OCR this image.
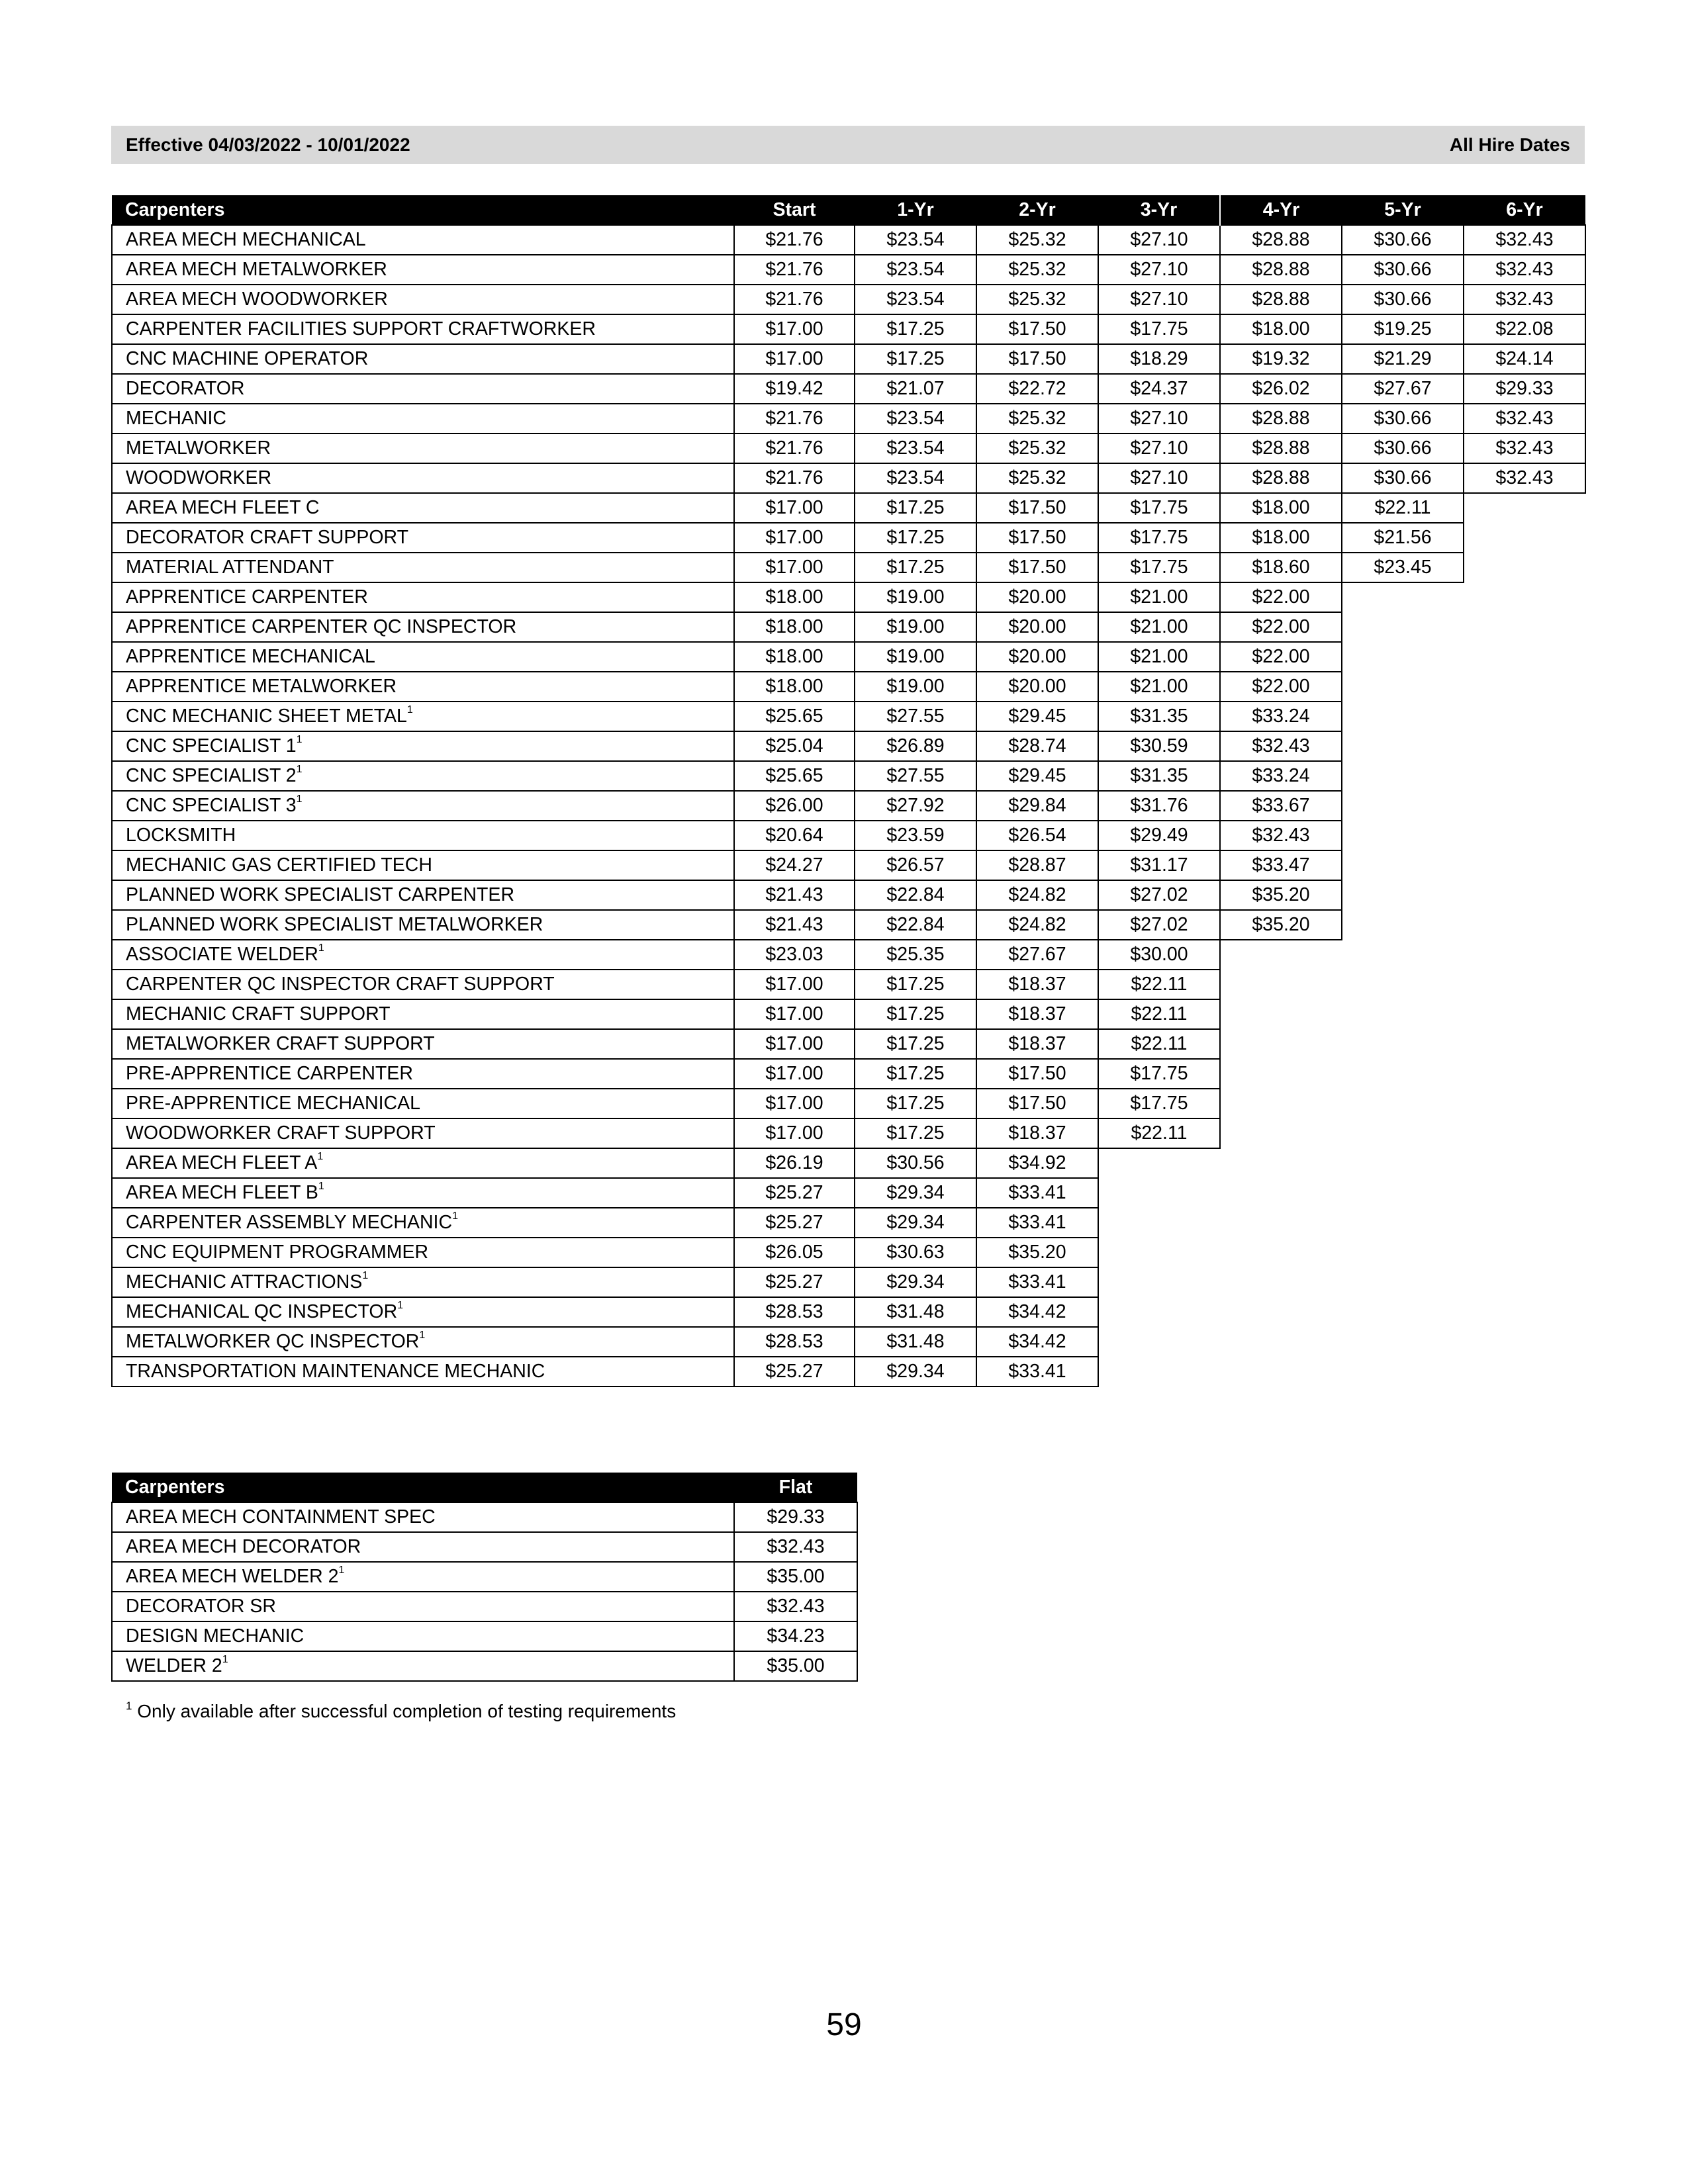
Effective 04/03/2022 - 10/01/2022	All Hire Dates
Carpenters	Start	1-Yr	2-Yr	3-Yr	4-Yr	5-Yr	6-Yr
AREA MECH MECHANICAL	$21.76	$23.54	$25.32	$27.10	$28.88	$30.66	$32.43
AREA MECH METALWORKER	$21.76	$23.54	$25.32	$27.10	$28.88	$30.66	$32.43
AREA MECH WOODWORKER	$21.76	$23.54	$25.32	$27.10	$28.88	$30.66	$32.43
CARPENTER FACILITIES SUPPORT CRAFTWORKER	$17.00	$17.25	$17.50	$17.75	$18.00	$19.25	$22.08
CNC MACHINE OPERATOR	$17.00	$17.25	$17.50	$18.29	$19.32	$21.29	$24.14
DECORATOR	$19.42	$21.07	$22.72	$24.37	$26.02	$27.67	$29.33
MECHANIC	$21.76	$23.54	$25.32	$27.10	$28.88	$30.66	$32.43
METALWORKER	$21.76	$23.54	$25.32	$27.10	$28.88	$30.66	$32.43
WOODWORKER	$21.76	$23.54	$25.32	$27.10	$28.88	$30.66	$32.43
AREA MECH FLEET C	$17.00	$17.25	$17.50	$17.75	$18.00	$22.11	
DECORATOR CRAFT SUPPORT	$17.00	$17.25	$17.50	$17.75	$18.00	$21.56	
MATERIAL ATTENDANT	$17.00	$17.25	$17.50	$17.75	$18.60	$23.45	
APPRENTICE CARPENTER	$18.00	$19.00	$20.00	$21.00	$22.00		
APPRENTICE CARPENTER QC INSPECTOR	$18.00	$19.00	$20.00	$21.00	$22.00		
APPRENTICE MECHANICAL	$18.00	$19.00	$20.00	$21.00	$22.00		
APPRENTICE METALWORKER	$18.00	$19.00	$20.00	$21.00	$22.00		
CNC MECHANIC SHEET METAL$^1$	$25.65	$27.55	$29.45	$31.35	$33.24		
CNC SPECIALIST $1^1$	$25.04	$26.89	$28.74	$30.59	$32.43		
CNC SPECIALIST $2^1$	$25.65	$27.55	$29.45	$31.35	$33.24		
CNC SPECIALIST $3^1$	$26.00	$27.92	$29.84	$31.76	$33.67		
LOCKSMITH	$20.64	$23.59	$26.54	$29.49	$32.43		
MECHANIC GAS CERTIFIED TECH	$24.27	$26.57	$28.87	$31.17	$33.47		
PLANNED WORK SPECIALIST CARPENTER	$21.43	$22.84	$24.82	$27.02	$35.20		
PLANNED WORK SPECIALIST METALWORKER	$21.43	$22.84	$24.82	$27.02	$35.20		
ASSOCIATE WELDER$^1$	$23.03	$25.35	$27.67	$30.00			
CARPENTER QC INSPECTOR CRAFT SUPPORT	$17.00	$17.25	$18.37	$22.11			
MECHANIC CRAFT SUPPORT	$17.00	$17.25	$18.37	$22.11			
METALWORKER CRAFT SUPPORT	$17.00	$17.25	$18.37	$22.11			
PRE-APPRENTICE CARPENTER	$17.00	$17.25	$17.50	$17.75			
PRE-APPRENTICE MECHANICAL	$17.00	$17.25	$17.50	$17.75			
WOODWORKER CRAFT SUPPORT	$17.00	$17.25	$18.37	$22.11			
AREA MECH FLEET $A^1$	$26.19	$30.56	$34.92				
AREA MECH FLEET $B^1$	$25.27	$29.34	$33.41				
CARPENTER ASSEMBLY MECHANIC$^1$	$25.27	$29.34	$33.41				
CNC EQUIPMENT PROGRAMMER	$26.05	$30.63	$35.20				
MECHANIC ATTRACTIONS$^1$	$25.27	$29.34	$33.41				
MECHANICAL QC INSPECTOR$^1$	$28.53	$31.48	$34.42				
METALWORKER QC INSPECTOR$^1$	$28.53	$31.48	$34.42				
TRANSPORTATION MAINTENANCE MECHANIC	$25.27	$29.34	$33.41				
Carpenters	Flat
AREA MECH CONTAINMENT SPEC	$29.33
AREA MECH DECORATOR	$32.43
AREA MECH WELDER $2^1$	$35.00
DECORATOR SR	$32.43
DESIGN MECHANIC	$34.23
WELDER $2^1$	$35.00
$^1$ Only available after successful completion of testing requirements
59
